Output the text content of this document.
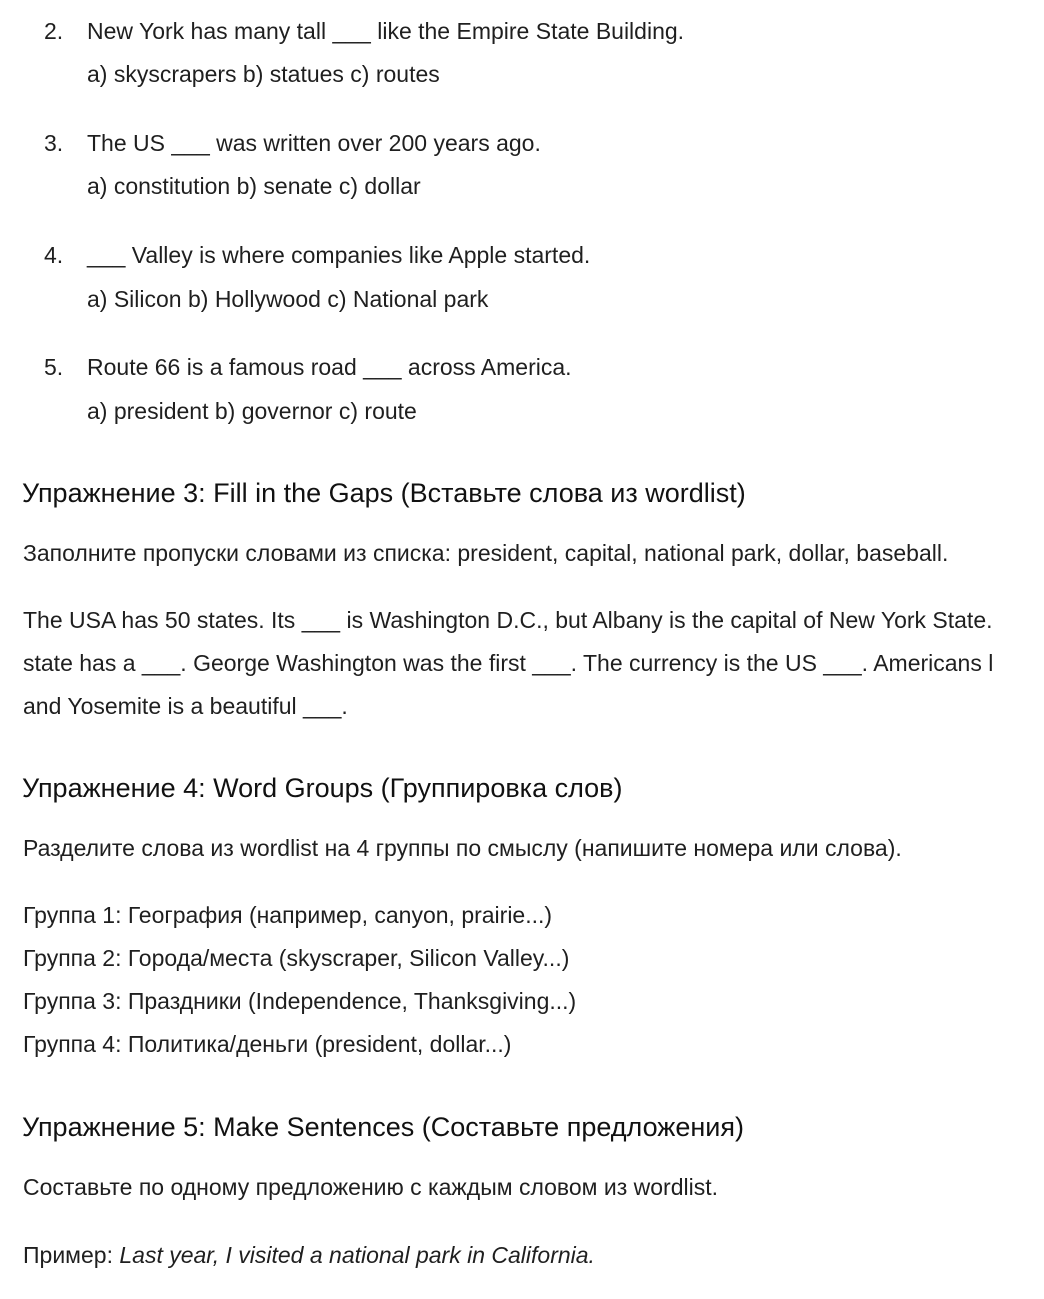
2. New York has many tall ___ like the Empire State Building.
a) skyscrapers b) statues c) routes
3. The US ___ was written over 200 years ago.
a) constitution b) senate c) dollar
4. ___ Valley is where companies like Apple started.
a) Silicon b) Hollywood c) National park
5. Route 66 is a famous road ___ across America.
a) president b) governor c) route
Упражнение 3: Fill in the Gaps (Вставьте слова из wordlist)
Заполните пропуски словами из списка: president, capital, national park, dollar, baseball.
The USA has 50 states. Its ___ is Washington D.C., but Albany is the capital of New York State.
state has a ___. George Washington was the first ___. The currency is the US ___. Americans l
and Yosemite is a beautiful ___.
Упражнение 4: Word Groups (Группировка слов)
Разделите слова из wordlist на 4 группы по смыслу (напишите номера или слова).
Группа 1: География (например, canyon, prairie...)
Группа 2: Города/места (skyscraper, Silicon Valley...)
Группа 3: Праздники (Independence, Thanksgiving...)
Группа 4: Политика/деньги (president, dollar...)
Упражнение 5: Make Sentences (Составьте предложения)
Составьте по одному предложению с каждым словом из wordlist.
Пример: Last year, I visited a national park in California.
